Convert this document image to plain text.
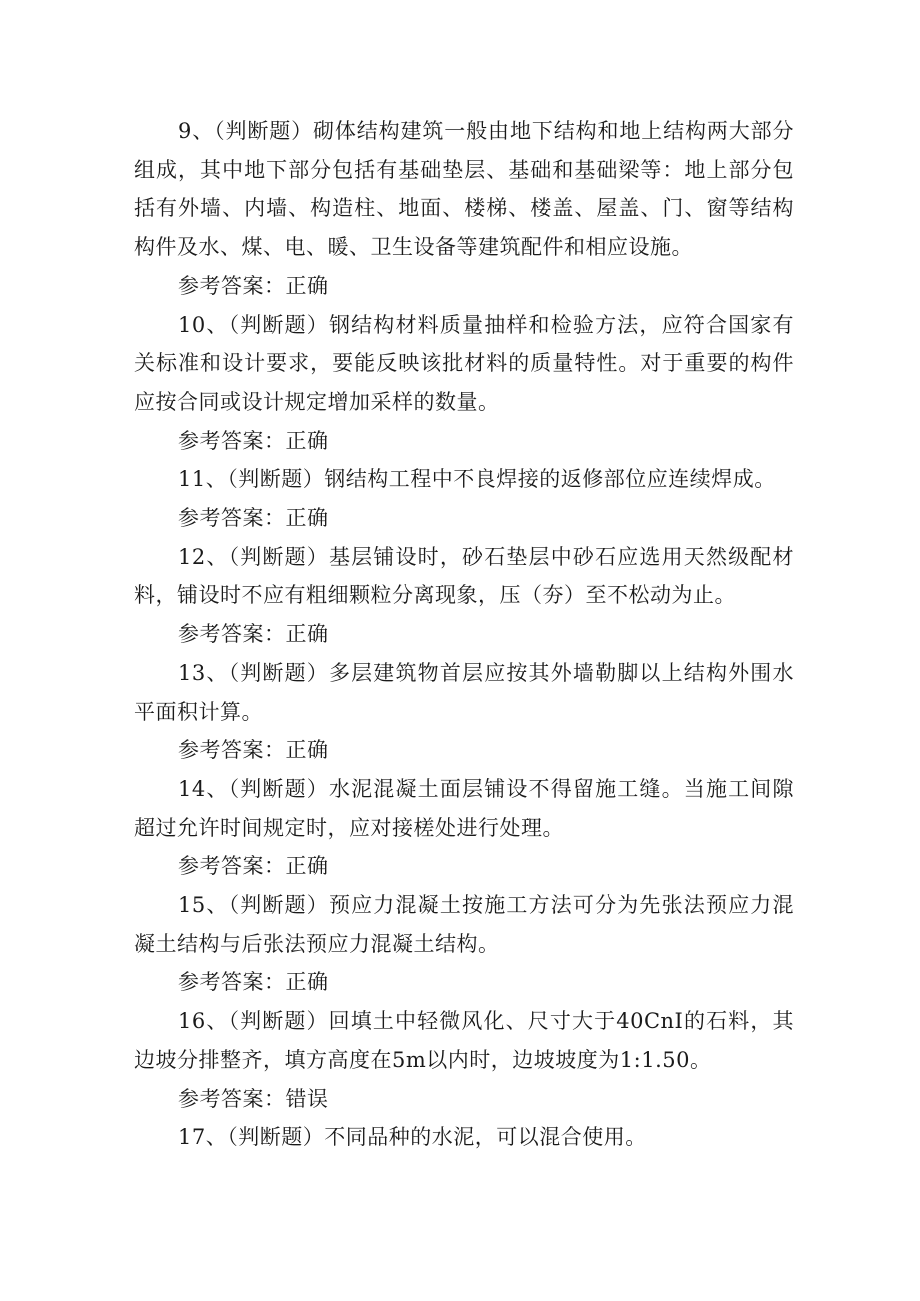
9、（判断题）砌体结构建筑一般由地下结构和地上结构两大部分组成，其中地下部分包括有基础垫层、基础和基础梁等：地上部分包括有外墙、内墙、构造柱、地面、楼梯、楼盖、屋盖、门、窗等结构构件及水、煤、电、暖、卫生设备等建筑配件和相应设施。

参考答案：正确

10、（判断题）钢结构材料质量抽样和检验方法，应符合国家有关标准和设计要求，要能反映该批材料的质量特性。对于重要的构件应按合同或设计规定增加采样的数量。

参考答案：正确

11、（判断题）钢结构工程中不良焊接的返修部位应连续焊成。

参考答案：正确

12、（判断题）基层铺设时，砂石垫层中砂石应选用天然级配材料，铺设时不应有粗细颗粒分离现象，压（夯）至不松动为止。

参考答案：正确

13、（判断题）多层建筑物首层应按其外墙勒脚以上结构外围水平面积计算。

参考答案：正确

14、（判断题）水泥混凝土面层铺设不得留施工缝。当施工间隙超过允许时间规定时，应对接槎处进行处理。

参考答案：正确

15、（判断题）预应力混凝土按施工方法可分为先张法预应力混凝土结构与后张法预应力混凝土结构。

参考答案：正确

16、（判断题）回填土中轻微风化、尺寸大于40CnI的石料，其边坡分排整齐，填方高度在5m以内时，边坡坡度为1:1.50。

参考答案：错误

17、（判断题）不同品种的水泥，可以混合使用。
